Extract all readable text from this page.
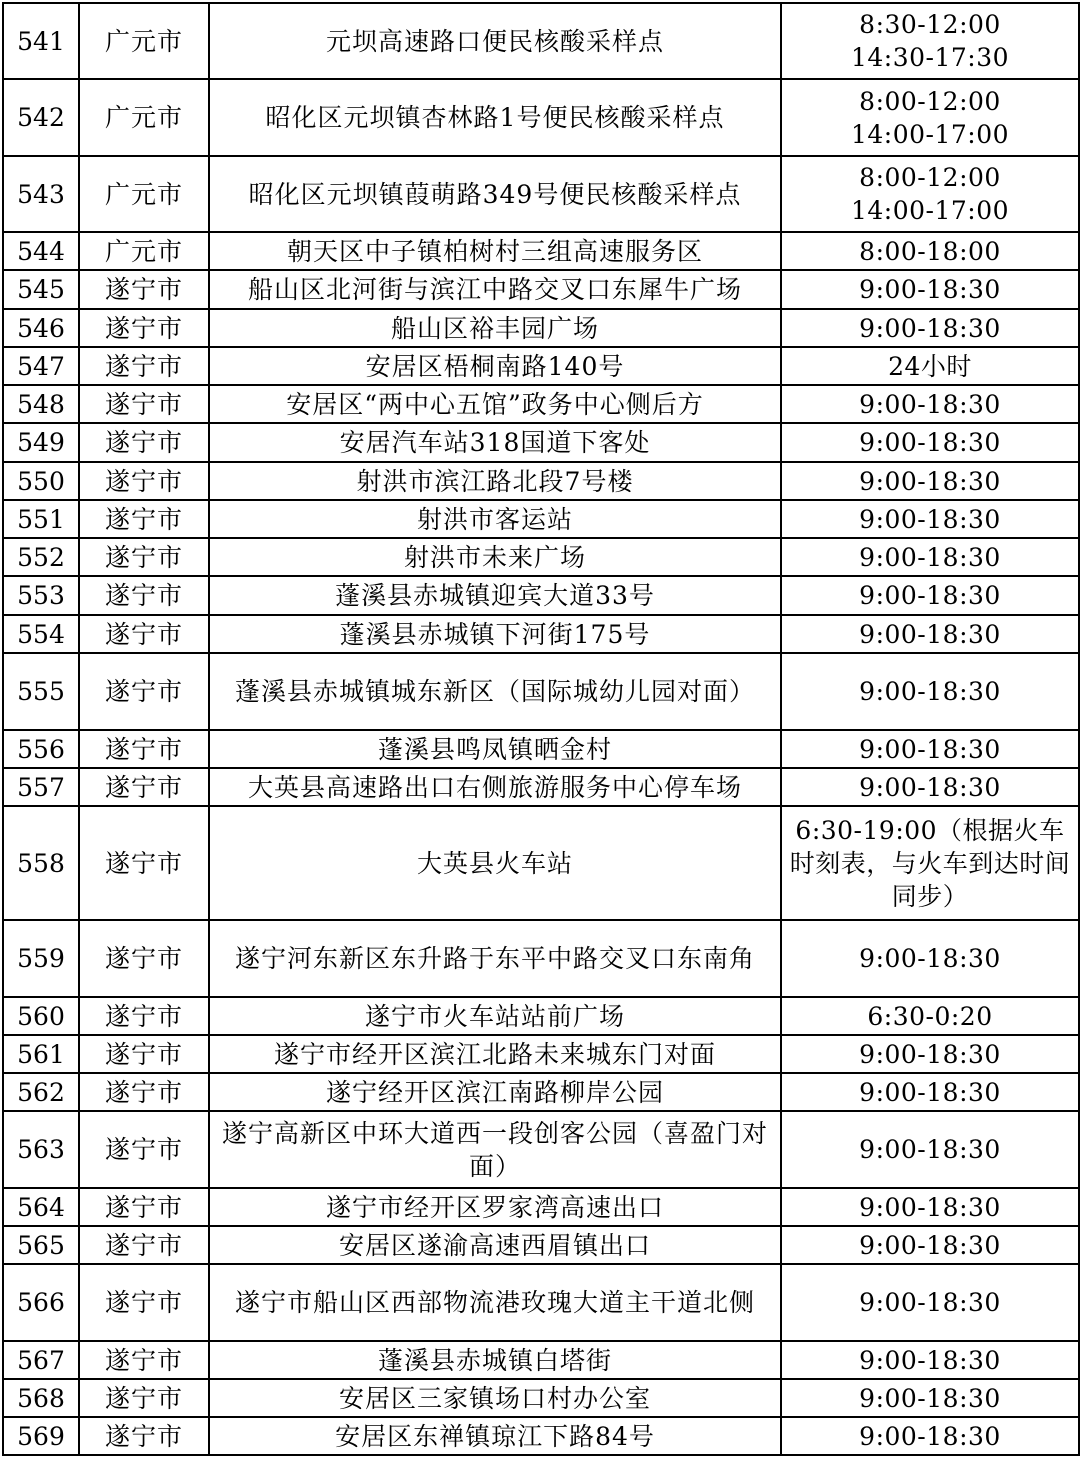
541	广元市	元坝高速路口便民核酸采样点	8:30-12:00
14:30-17:30

542	广元市	昭化区元坝镇杏林路1号便民核酸采样点	8:00-12:00
14:00-17:00

543	广元市	昭化区元坝镇葭萌路349号便民核酸采样点	8:00-12:00
14:00-17:00

544	广元市	朝天区中子镇柏树村三组高速服务区	8:00-18:00

545	遂宁市	船山区北河街与滨江中路交叉口东犀牛广场	9:00-18:30

546	遂宁市	船山区裕丰园广场	9:00-18:30

547	遂宁市	安居区梧桐南路140号	24小时

548	遂宁市	安居区“两中心五馆”政务中心侧后方	9:00-18:30

549	遂宁市	安居汽车站318国道下客处	9:00-18:30

550	遂宁市	射洪市滨江路北段7号楼	9:00-18:30

551	遂宁市	射洪市客运站	9:00-18:30

552	遂宁市	射洪市未来广场	9:00-18:30

553	遂宁市	蓬溪县赤城镇迎宾大道33号	9:00-18:30

554	遂宁市	蓬溪县赤城镇下河街175号	9:00-18:30

555	遂宁市	蓬溪县赤城镇城东新区（国际城幼儿园对面）	9:00-18:30

556	遂宁市	蓬溪县鸣凤镇晒金村	9:00-18:30

557	遂宁市	大英县高速路出口右侧旅游服务中心停车场	9:00-18:30

558	遂宁市	大英县火车站	6:30-19:00（根据火车时刻表，与火车到达时间同步）

559	遂宁市	遂宁河东新区东升路于东平中路交叉口东南角	9:00-18:30

560	遂宁市	遂宁市火车站站前广场	6:30-0:20

561	遂宁市	遂宁市经开区滨江北路未来城东门对面	9:00-18:30

562	遂宁市	遂宁经开区滨江南路柳岸公园	9:00-18:30

563	遂宁市	遂宁高新区中环大道西一段创客公园（喜盈门对面）	9:00-18:30

564	遂宁市	遂宁市经开区罗家湾高速出口	9:00-18:30

565	遂宁市	安居区遂渝高速西眉镇出口	9:00-18:30

566	遂宁市	遂宁市船山区西部物流港玫瑰大道主干道北侧	9:00-18:30

567	遂宁市	蓬溪县赤城镇白塔街	9:00-18:30

568	遂宁市	安居区三家镇场口村办公室	9:00-18:30

569	遂宁市	安居区东禅镇琼江下路84号	9:00-18:30
